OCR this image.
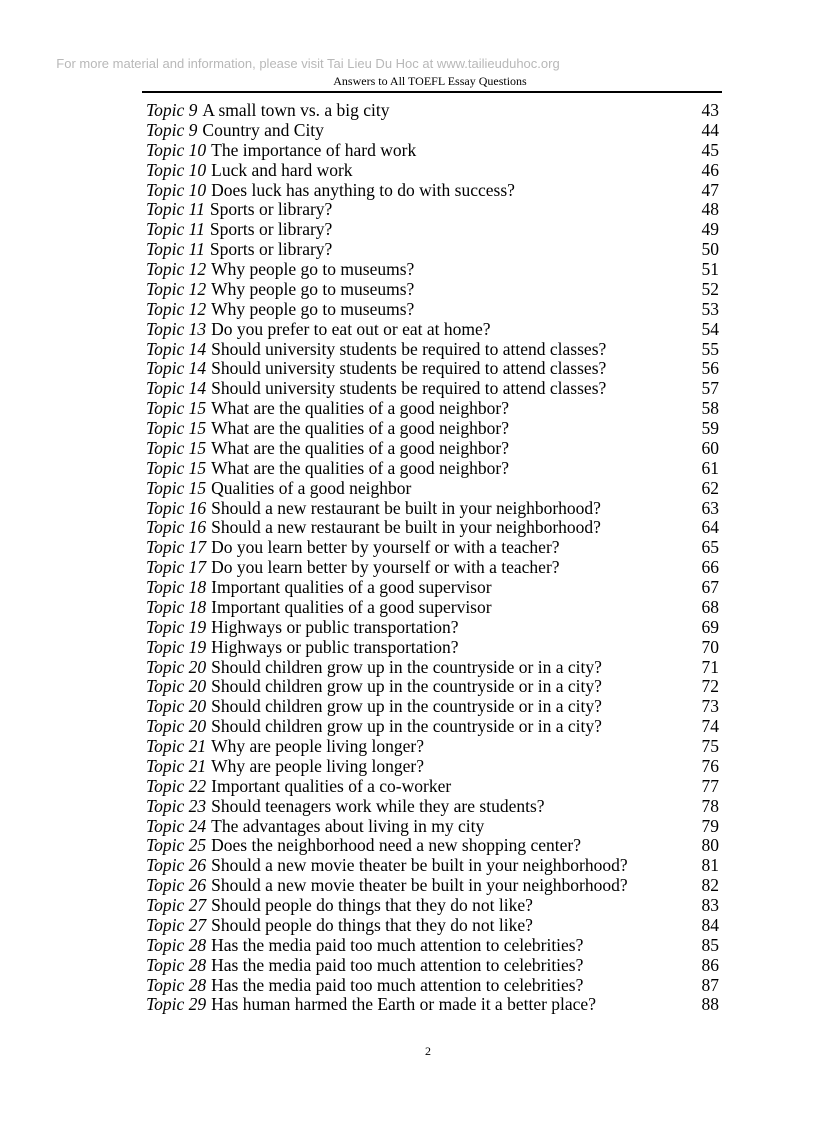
For more material and information, please visit Tai Lieu Du Hoc at www.tailieuduhoc.org
Answers to All TOEFL Essay Questions
Topic 9 A small town vs. a big city	43
Topic 9 Country and City	44
Topic 10 The importance of hard work	45
Topic 10 Luck and hard work	46
Topic 10 Does luck has anything to do with success?	47
Topic 11 Sports or library?	48
Topic 11 Sports or library?	49
Topic 11 Sports or library?	50
Topic 12 Why people go to museums?	51
Topic 12 Why people go to museums?	52
Topic 12 Why people go to museums?	53
Topic 13 Do you prefer to eat out or eat at home?	54
Topic 14 Should university students be required to attend classes?	55
Topic 14 Should university students be required to attend classes?	56
Topic 14 Should university students be required to attend classes?	57
Topic 15 What are the qualities of a good neighbor?	58
Topic 15 What are the qualities of a good neighbor?	59
Topic 15 What are the qualities of a good neighbor?	60
Topic 15 What are the qualities of a good neighbor?	61
Topic 15 Qualities of a good neighbor	62
Topic 16 Should a new restaurant be built in your neighborhood?	63
Topic 16 Should a new restaurant be built in your neighborhood?	64
Topic 17 Do you learn better by yourself or with a teacher?	65
Topic 17 Do you learn better by yourself or with a teacher?	66
Topic 18 Important qualities of a good supervisor	67
Topic 18 Important qualities of a good supervisor	68
Topic 19 Highways or public transportation?	69
Topic 19 Highways or public transportation?	70
Topic 20 Should children grow up in the countryside or in a city?	71
Topic 20 Should children grow up in the countryside or in a city?	72
Topic 20 Should children grow up in the countryside or in a city?	73
Topic 20 Should children grow up in the countryside or in a city?	74
Topic 21 Why are people living longer?	75
Topic 21 Why are people living longer?	76
Topic 22 Important qualities of a co-worker	77
Topic 23 Should teenagers work while they are students?	78
Topic 24 The advantages about living in my city	79
Topic 25 Does the neighborhood need a new shopping center?	80
Topic 26 Should a new movie theater be built in your neighborhood?	81
Topic 26 Should a new movie theater be built in your neighborhood?	82
Topic 27 Should people do things that they do not like?	83
Topic 27 Should people do things that they do not like?	84
Topic 28 Has the media paid too much attention to celebrities?	85
Topic 28 Has the media paid too much attention to celebrities?	86
Topic 28 Has the media paid too much attention to celebrities?	87
Topic 29 Has human harmed the Earth or made it a better place?	88
2
